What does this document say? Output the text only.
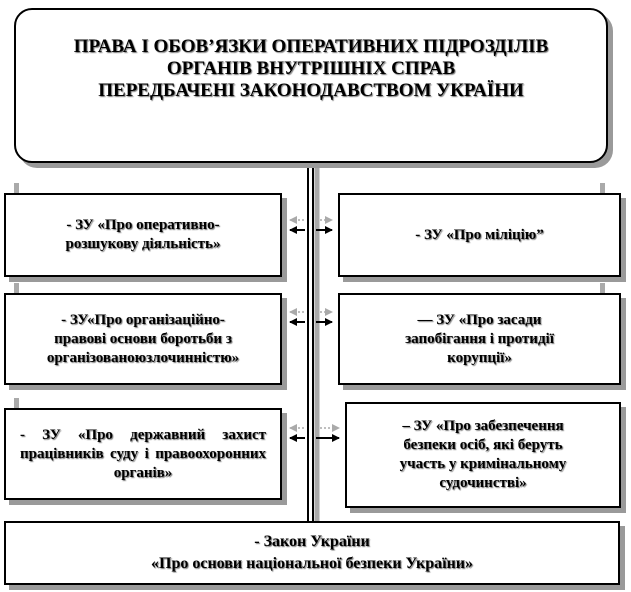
ПРАВА І ОБОВ’ЯЗКИ ОПЕРАТИВНИХ ПІДРОЗДІЛІВ
ОРГАНІВ ВНУТРІШНІХ СПРАВ
ПЕРЕДБАЧЕНІ ЗАКОНОДАВСТВОМ УКРАЇНИ
- ЗУ «Про оперативно-
розшукову діяльність»
- ЗУ «Про міліцію”
- ЗУ«Про організаційно-
правові основи боротьби з
організованоюзлочинністю»
–– ЗУ «Про засади
запобігання і протидії
корупції»
- ЗУ «Про державний захист працівників суду і правоохоронних органів»
– ЗУ «Про забезпечення
безпеки осіб, які беруть
участь у кримінальному
судочинстві»
- Закон України
«Про основи національної безпеки України»
